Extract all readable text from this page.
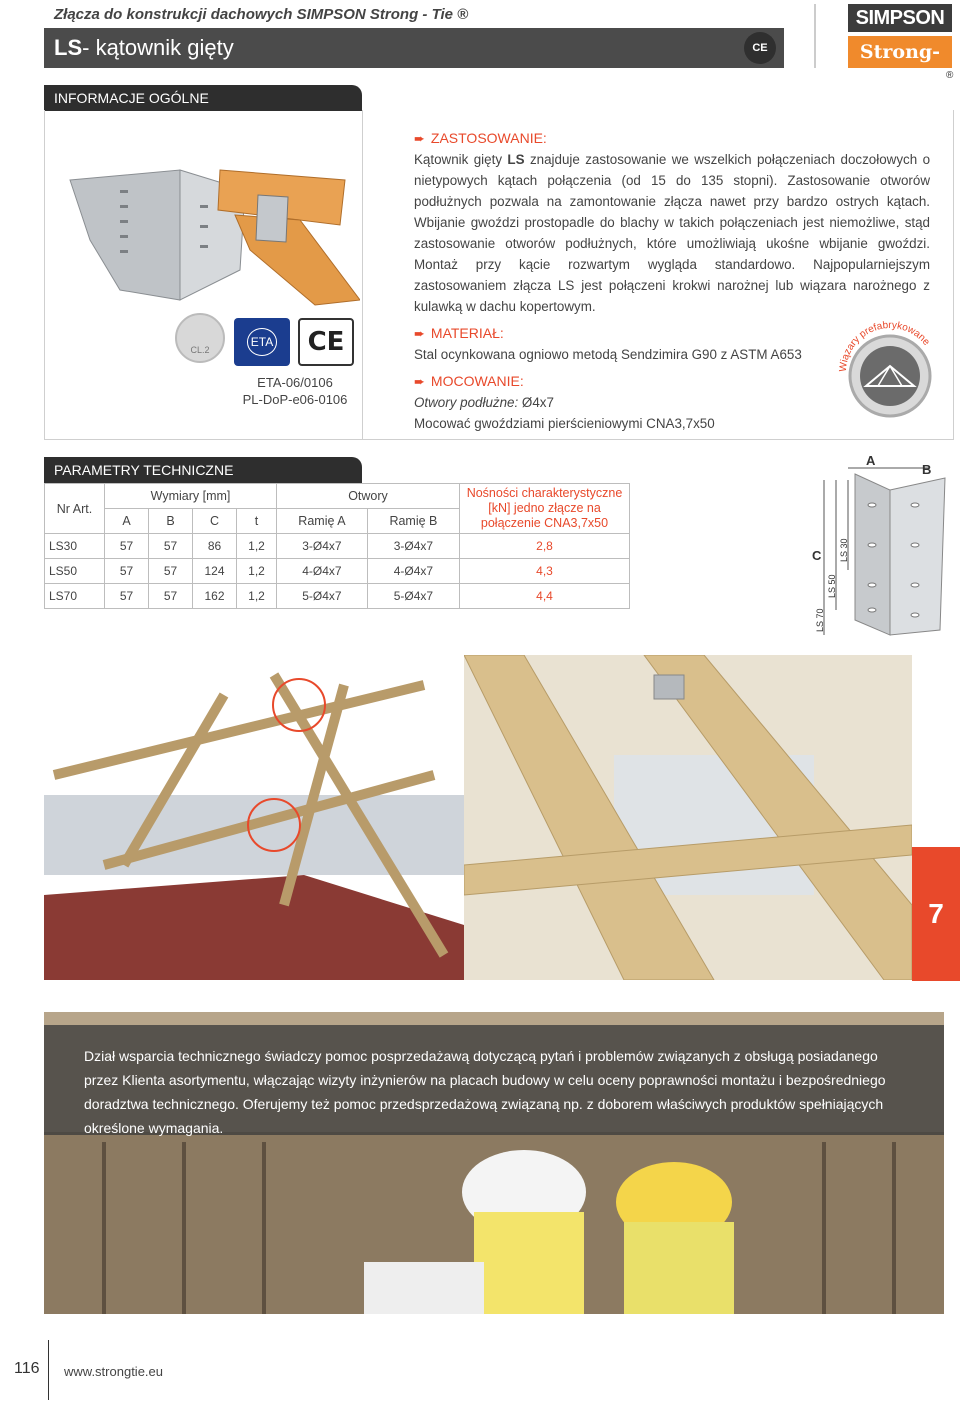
Złącza do konstrukcji dachowych SIMPSON Strong - Tie ®
LS - kątownik gięty	CE
SIMPSON
Strong-Tie	®
INFORMACJE OGÓLNE
CL.2
ETA	CE
ETA-06/0106
PL-DoP-e06-0106
➨ ZASTOSOWANIE:

Kątownik gięty LS znajduje zastosowanie we wszelkich połączeniach doczołowych o nietypowych kątach połączenia (od 15 do 135 stopni). Zastosowanie otworów podłużnych pozwala na zamontowanie złącza nawet przy bardzo ostrych kątach. Wbijanie gwoździ prostopadle do blachy w takich połączeniach jest niemożliwe, stąd zastosowanie otworów podłużnych, które umożliwiają ukośne wbijanie gwoździ. Montaż przy kącie rozwartym wygląda standardowo. Najpopularniejszym zastosowaniem złącza LS jest połączeni krokwi narożnej lub wiązara narożnego z kulawką w dachu kopertowym.

➨ MATERIAŁ:

Stal ocynkowana ogniowo metodą Sendzimira G90 z ASTM A653

➨ MOCOWANIE:

Otwory podłużne: Ø4x7

Mocować gwoździami pierścieniowymi CNA3,7x50

Wiązary prefabrykowane
PARAMETRY TECHNICZNE
Nr Art.	Wymiary [mm]				Otwory		Nośności charakterystyczne [kN] jedno złącze na połączenie CNA3,7x50
	A	B	C	t	Ramię A	Ramię B	
LS30	57	57	86	1,2	3-Ø4x7	3-Ø4x7	2,8
LS50	57	57	124	1,2	4-Ø4x7	4-Ø4x7	4,3
LS70	57	57	162	1,2	5-Ø4x7	5-Ø4x7	4,4
A
B
C LS 30
LS 50
LS 70
7
Dział wsparcia technicznego świadczy pomoc posprzedażawą dotyczącą pytań i problemów związanych z obsługą posiadanego przez Klienta asortymentu, włączając wizyty inżynierów na placach budowy w celu oceny poprawności montażu i bezpośredniego doradztwa technicznego. Oferujemy też pomoc przedsprzedażową związaną np. z doborem właściwych produktów spełniających określone wymagania.
116 www.strongtie.eu
